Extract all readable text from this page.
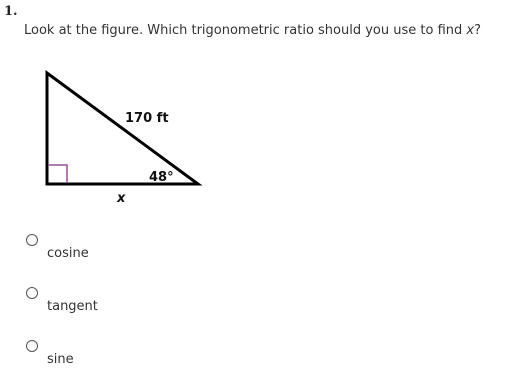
1.
Look at the figure. Which trigonometric ratio should you use to find x?
170 ft
48°
x
cosine
tangent
sine
